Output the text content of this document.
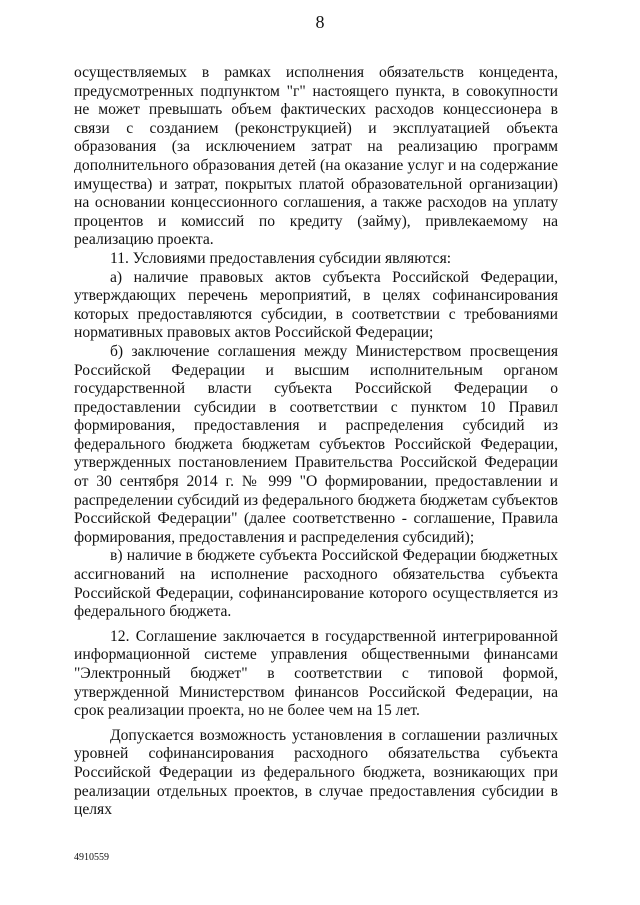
8

осуществляемых в рамках исполнения обязательств концедента, предусмотренных подпунктом "г" настоящего пункта, в совокупности не может превышать объем фактических расходов концессионера в связи с созданием (реконструкцией) и эксплуатацией объекта образования (за исключением затрат на реализацию программ дополнительного образования детей (на оказание услуг и на содержание имущества) и затрат, покрытых платой образовательной организации) на основании концессионного соглашения, а также расходов на уплату процентов и комиссий по кредиту (займу), привлекаемому на реализацию проекта.

11. Условиями предоставления субсидии являются:

а) наличие правовых актов субъекта Российской Федерации, утверждающих перечень мероприятий, в целях софинансирования которых предоставляются субсидии, в соответствии с требованиями нормативных правовых актов Российской Федерации;

б) заключение соглашения между Министерством просвещения Российской Федерации и высшим исполнительным органом государственной власти субъекта Российской Федерации о предоставлении субсидии в соответствии с пунктом 10 Правил формирования, предоставления и распределения субсидий из федерального бюджета бюджетам субъектов Российской Федерации, утвержденных постановлением Правительства Российской Федерации от 30 сентября 2014 г. № 999 "О формировании, предоставлении и распределении субсидий из федерального бюджета бюджетам субъектов Российской Федерации" (далее соответственно - соглашение, Правила формирования, предоставления и распределения субсидий);

в) наличие в бюджете субъекта Российской Федерации бюджетных ассигнований на исполнение расходного обязательства субъекта Российской Федерации, софинансирование которого осуществляется из федерального бюджета.

12. Соглашение заключается в государственной интегрированной информационной системе управления общественными финансами "Электронный бюджет" в соответствии с типовой формой, утвержденной Министерством финансов Российской Федерации, на срок реализации проекта, но не более чем на 15 лет.

Допускается возможность установления в соглашении различных уровней софинансирования расходного обязательства субъекта Российской Федерации из федерального бюджета, возникающих при реализации отдельных проектов, в случае предоставления субсидии в целях

4910559
